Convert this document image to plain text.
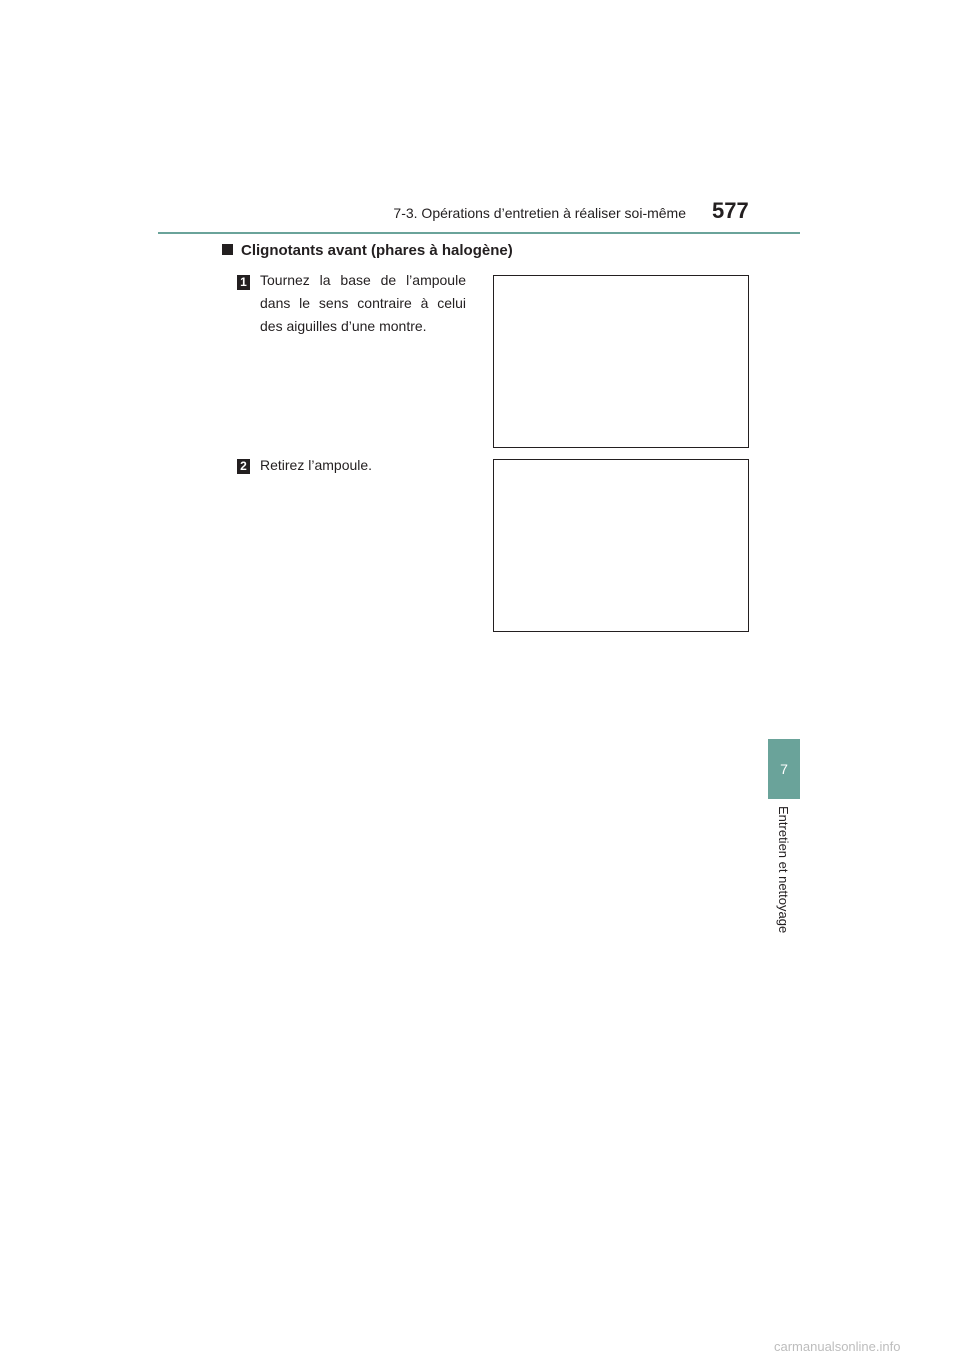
7-3. Opérations d’entretien à réaliser soi-même 577
Clignotants avant (phares à halogène)
1 Tournez la base de l’ampoule dans le sens contraire à celui des aiguilles d’une montre.
2 Retirez l’ampoule.
7
Entretien et nettoyage
carmanualsonline.info
